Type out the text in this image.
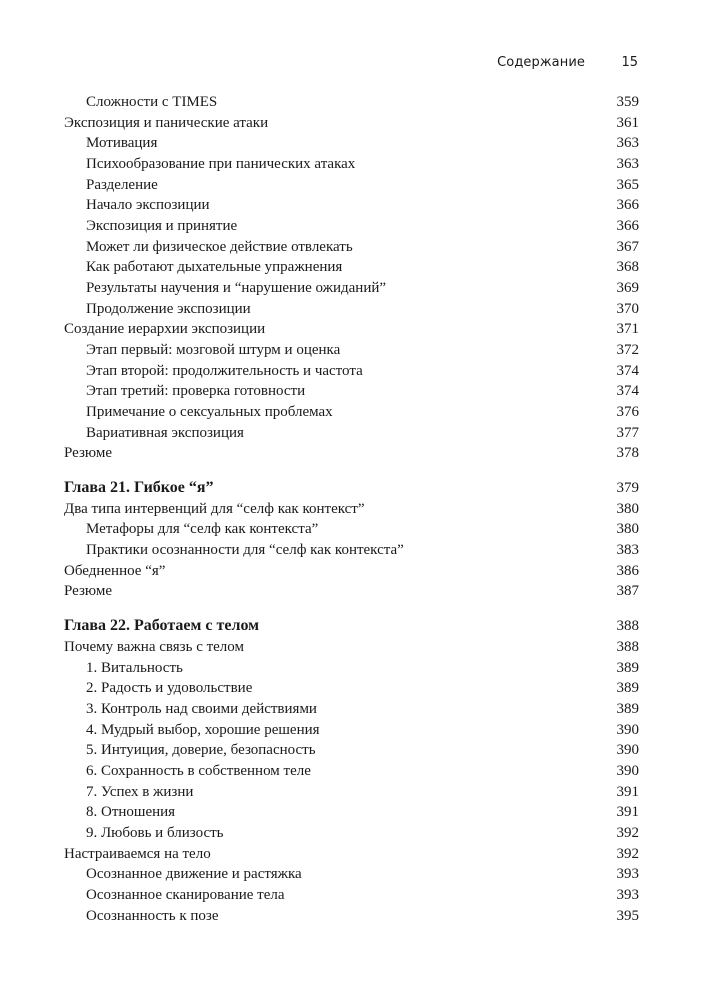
Содержание	15
Сложности с TIMES	359
Экспозиция и панические атаки	361
Мотивация	363
Психообразование при панических атаках	363
Разделение	365
Начало экспозиции	366
Экспозиция и принятие	366
Может ли физическое действие отвлекать	367
Как работают дыхательные упражнения	368
Результаты научения и “нарушение ожиданий”	369
Продолжение экспозиции	370
Создание иерархии экспозиции	371
Этап первый: мозговой штурм и оценка	372
Этап второй: продолжительность и частота	374
Этап третий: проверка готовности	374
Примечание о сексуальных проблемах	376
Вариативная экспозиция	377
Резюме	378
Глава 21. Гибкое “я”	379
Два типа интервенций для “селф как контекст”	380
Метафоры для “селф как контекста”	380
Практики осознанности для “селф как контекста”	383
Обедненное “я”	386
Резюме	387
Глава 22. Работаем с телом	388
Почему важна связь с телом	388
1. Витальность	389
2. Радость и удовольствие	389
3. Контроль над своими действиями	389
4. Мудрый выбор, хорошие решения	390
5. Интуиция, доверие, безопасность	390
6. Сохранность в собственном теле	390
7. Успех в жизни	391
8. Отношения	391
9. Любовь и близость	392
Настраиваемся на тело	392
Осознанное движение и растяжка	393
Осознанное сканирование тела	393
Осознанность к позе	395
